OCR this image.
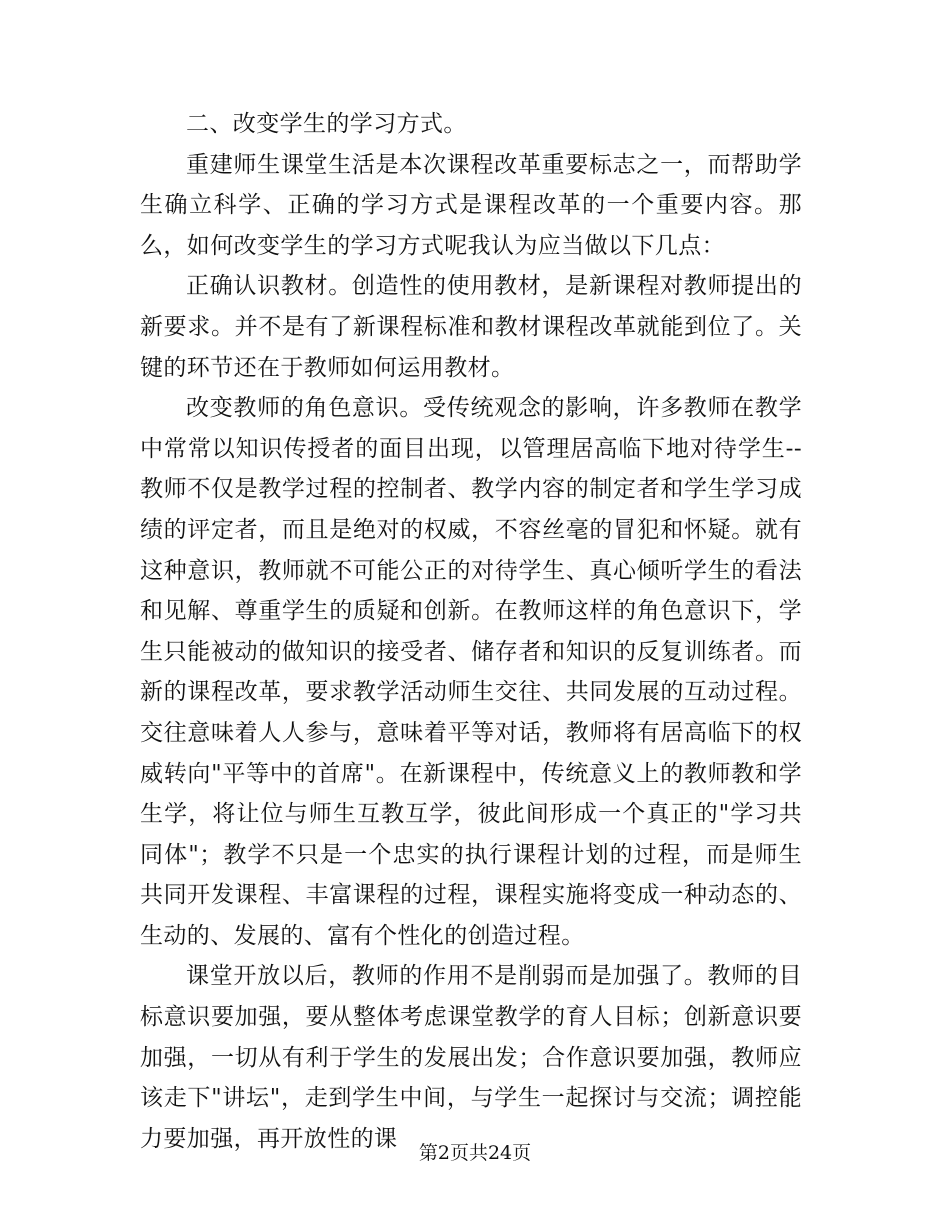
二、改变学生的学习方式。

重建师生课堂生活是本次课程改革重要标志之一，而帮助学生确立科学、正确的学习方式是课程改革的一个重要内容。那么，如何改变学生的学习方式呢我认为应当做以下几点：

正确认识教材。创造性的使用教材，是新课程对教师提出的新要求。并不是有了新课程标准和教材课程改革就能到位了。关键的环节还在于教师如何运用教材。

改变教师的角色意识。受传统观念的影响，许多教师在教学中常常以知识传授者的面目出现，以管理居高临下地对待学生--教师不仅是教学过程的控制者、教学内容的制定者和学生学习成绩的评定者，而且是绝对的权威，不容丝毫的冒犯和怀疑。就有这种意识，教师就不可能公正的对待学生、真心倾听学生的看法和见解、尊重学生的质疑和创新。在教师这样的角色意识下，学生只能被动的做知识的接受者、储存者和知识的反复训练者。而新的课程改革，要求教学活动师生交往、共同发展的互动过程。交往意味着人人参与，意味着平等对话，教师将有居高临下的权威转向"平等中的首席"。在新课程中，传统意义上的教师教和学生学，将让位与师生互教互学，彼此间形成一个真正的"学习共同体"；教学不只是一个忠实的执行课程计划的过程，而是师生共同开发课程、丰富课程的过程，课程实施将变成一种动态的、生动的、发展的、富有个性化的创造过程。

课堂开放以后，教师的作用不是削弱而是加强了。教师的目标意识要加强，要从整体考虑课堂教学的育人目标；创新意识要加强，一切从有利于学生的发展出发；合作意识要加强，教师应该走下"讲坛"，走到学生中间，与学生一起探讨与交流；调控能力要加强，再开放性的课

第2页共24页
